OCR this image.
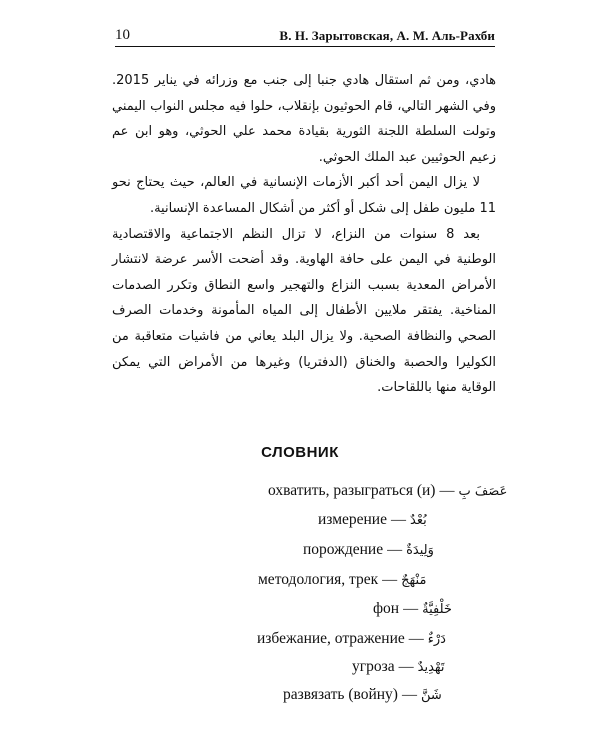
10	В. Н. Зарытовская, А. М. Аль-Рахби

هادي، ومن ثم استقال هادي جنبا إلى جنب مع وزرائه في يناير 2015. وفي الشهر التالي، قام الحوثيون بإنقلاب، حلوا فيه مجلس النواب اليمني وتولت السلطة اللجنة الثورية بقيادة محمد علي الحوثي، وهو ابن عم زعيم الحوثيين عبد الملك الحوثي.

لا يزال اليمن أحد أكبر الأزمات الإنسانية في العالم، حيث يحتاج نحو 11 مليون طفل إلى شكل أو أكثر من أشكال المساعدة الإنسانية.

بعد 8 سنوات من النزاع، لا تزال النظم الاجتماعية والاقتصادية الوطنية في اليمن على حافة الهاوية. وقد أضحت الأسر عرضة لانتشار الأمراض المعدية بسبب النزاع والتهجير واسع النطاق وتكرر الصدمات المناخية. يفتقر ملايين الأطفال إلى المياه المأمونة وخدمات الصرف الصحي والنظافة الصحية. ولا يزال البلد يعاني من فاشيات متعاقبة من الكوليرا والحصبة والخناق (الدفتريا) وغيرها من الأمراض التي يمكن الوقاية منها باللقاحات.

СЛОВНИК
охватить, разыграться (и) — عَصَفَ بِ
измерение — بُعْدٌ
порождение — وَلِيدَةٌ
методология, трек — مَنْهَجٌ
фон — خَلْفِيَّةٌ
избежание, отражение — دَرْءٌ
угроза — تَهْدِيدٌ
развязать (войну) — شَنَّ
